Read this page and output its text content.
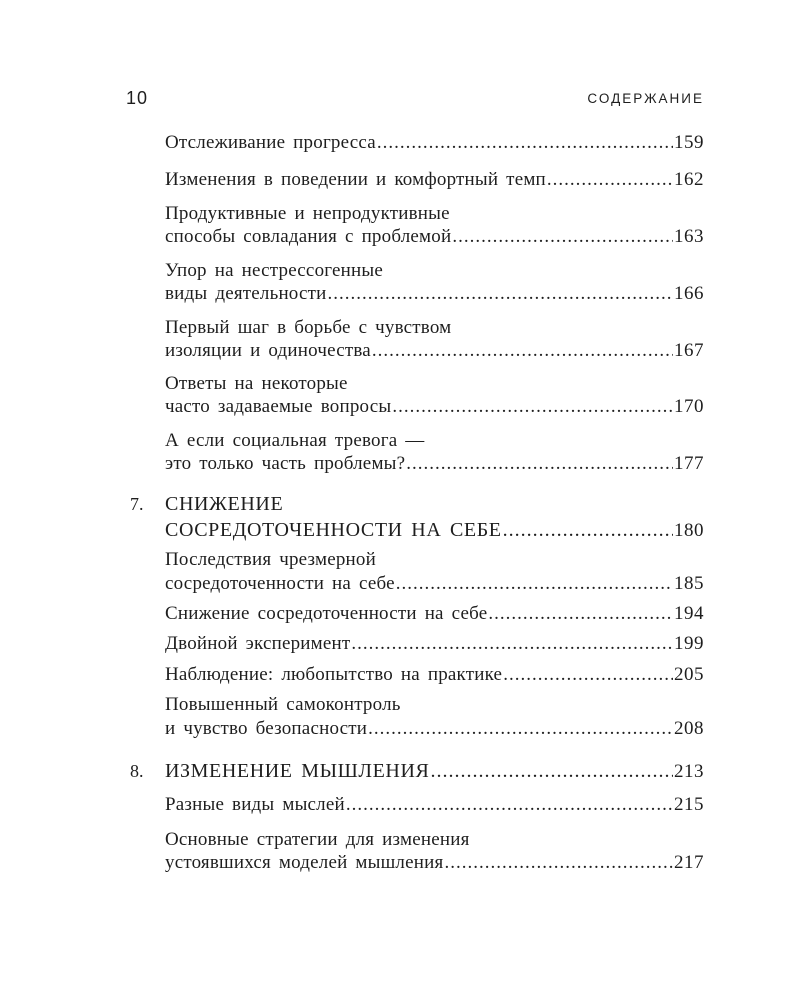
10	СОДЕРЖАНИЕ
Отслеживание прогресса .....	159
Изменения в поведении и комфортный темп .....	162
Продуктивные и непродуктивные
способы совладания с проблемой .....	163
Упор на нестрессогенные
виды деятельности .....	166
Первый шаг в борьбе с чувством
изоляции и одиночества .....	167
Ответы на некоторые
часто задаваемые вопросы .....	170
А если социальная тревога —
это только часть проблемы? .....	177
7. СНИЖЕНИЕ
СОСРЕДОТОЧЕННОСТИ НА СЕБЕ .....	180
Последствия чрезмерной
сосредоточенности на себе .....	185
Снижение сосредоточенности на себе .....	194
Двойной эксперимент .....	199
Наблюдение: любопытство на практике .....	205
Повышенный самоконтроль
и чувство безопасности .....	208
8. ИЗМЕНЕНИЕ МЫШЛЕНИЯ .....	213
Разные виды мыслей .....	215
Основные стратегии для изменения
устоявшихся моделей мышления .....	217
